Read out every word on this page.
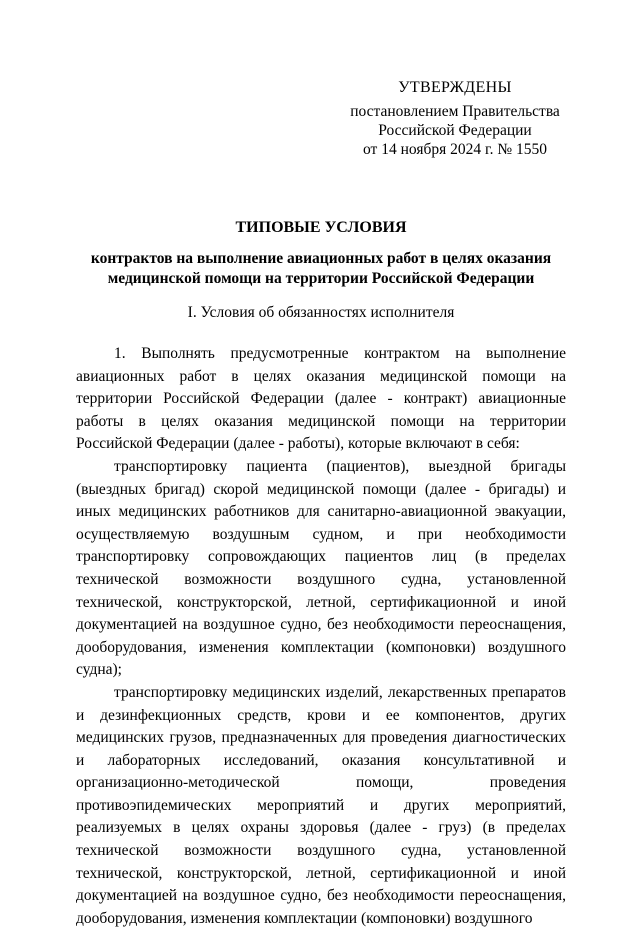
УТВЕРЖДЕНЫ
постановлением Правительства
Российской Федерации
от 14 ноября 2024 г. № 1550
ТИПОВЫЕ УСЛОВИЯ
контрактов на выполнение авиационных работ в целях оказания
медицинской помощи на территории Российской Федерации
I. Условия об обязанностях исполнителя

1. Выполнять предусмотренные контрактом на выполнение авиационных работ в целях оказания медицинской помощи на территории Российской Федерации (далее - контракт) авиационные работы в целях оказания медицинской помощи на территории Российской Федерации (далее - работы), которые включают в себя:

транспортировку пациента (пациентов), выездной бригады (выездных бригад) скорой медицинской помощи (далее - бригады) и иных медицинских работников для санитарно-авиационной эвакуации, осуществляемую воздушным судном, и при необходимости транспортировку сопровождающих пациентов лиц (в пределах технической возможности воздушного судна, установленной технической, конструкторской, летной, сертификационной и иной документацией на воздушное судно, без необходимости переоснащения, дооборудования, изменения комплектации (компоновки) воздушного судна);

транспортировку медицинских изделий, лекарственных препаратов и дезинфекционных средств, крови и ее компонентов, других медицинских грузов, предназначенных для проведения диагностических и лабораторных исследований, оказания консультативной и организационно-методической помощи, проведения противоэпидемических мероприятий и других мероприятий, реализуемых в целях охраны здоровья (далее - груз) (в пределах технической возможности воздушного судна, установленной технической, конструкторской, летной, сертификационной и иной документацией на воздушное судно, без необходимости переоснащения, дооборудования, изменения комплектации (компоновки) воздушного
